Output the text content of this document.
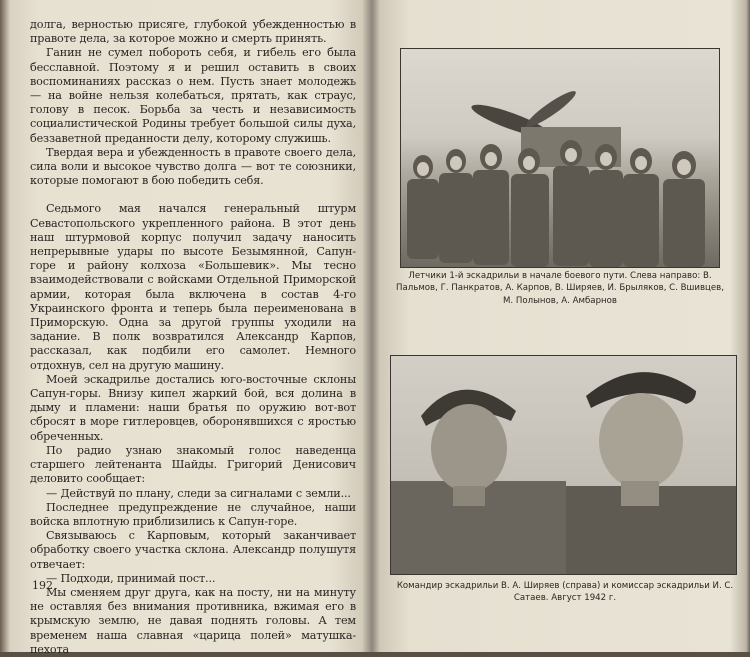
долга, верностью присяге, глубокой убежденностью в правоте дела, за которое можно и смерть принять.

Ганин не сумел побороть себя, и гибель его была бесславной. Поэтому я и решил оставить в своих воспоминаниях рассказ о нем. Пусть знает молодежь — на войне нельзя колебаться, прятать, как страус, голову в песок. Борьба за честь и независимость социалистической Родины требует большой силы духа, беззаветной преданности делу, которому служишь.

Твердая вера и убежденность в правоте своего дела, сила воли и высокое чувство долга — вот те союзники, которые помогают в бою победить себя.

Седьмого мая начался генеральный штурм Севастопольского укрепленного района. В этот день наш штурмовой корпус получил задачу наносить непрерывные удары по высоте Безымянной, Сапун-горе и району колхоза «Большевик». Мы тесно взаимодействовали с войсками Отдельной Приморской армии, которая была включена в состав 4-го Украинского фронта и теперь была переименована в Приморскую. Одна за другой группы уходили на задание. В полк возвратился Александр Карпов, рассказал, как подбили его самолет. Немного отдохнув, сел на другую машину.

Моей эскадрилье достались юго-восточные склоны Сапун-горы. Внизу кипел жаркий бой, вся долина в дыму и пламени: наши братья по оружию вот-вот сбросят в море гитлеровцев, оборонявшихся с яростью обреченных.

По радио узнаю знакомый голос наведенца старшего лейтенанта Шайды. Григорий Денисович деловито сообщает:

— Действуй по плану, следи за сигналами с земли...

Последнее предупреждение не случайное, наши войска вплотную приблизились к Сапун-горе.

Связываюсь с Карповым, который заканчивает обработку своего участка склона. Александр полушутя отвечает:

— Подходи, принимай пост...

Мы сменяем друг друга, как на посту, ни на минуту не оставляя без внимания противника, вжимая его в крымскую землю, не давая поднять головы. А тем временем наша славная «царица полей» матушка-пехота

192
Летчики 1-й эскадрильи в начале боевого пути. Слева направо: В. Пальмов, Г. Панкратов, А. Карпов, В. Ширяев, И. Брыляков, С. Вшивцев, М. Полынов, А. Амбарнов
Командир эскадрильи В. А. Ширяев (справа) и комиссар эскадрильи И. С. Сатаев. Август 1942 г.
